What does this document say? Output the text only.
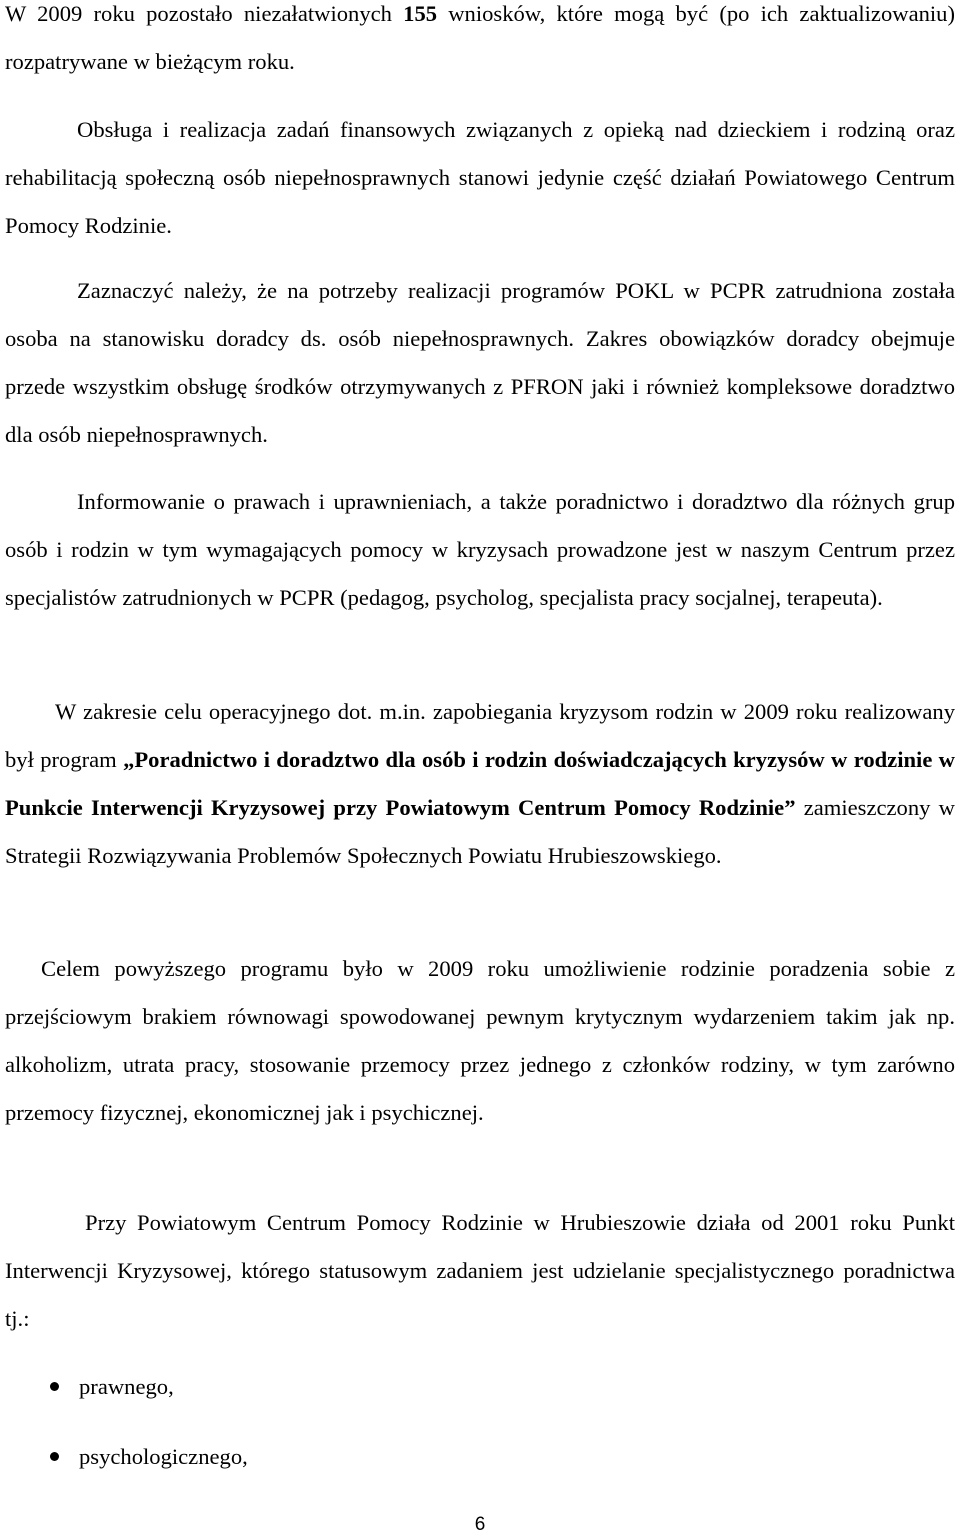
W 2009 roku pozostało niezałatwionych 155 wniosków, które mogą być (po ich zaktualizowaniu) rozpatrywane w bieżącym roku.

Obsługa i realizacja zadań finansowych związanych z opieką nad dzieckiem i rodziną oraz rehabilitacją społeczną osób niepełnosprawnych stanowi jedynie część działań Powiatowego Centrum Pomocy Rodzinie.

Zaznaczyć należy, że na potrzeby realizacji programów POKL w PCPR zatrudniona została osoba na stanowisku doradcy ds. osób niepełnosprawnych. Zakres obowiązków doradcy obejmuje przede wszystkim obsługę środków otrzymywanych z PFRON jaki i również kompleksowe doradztwo dla osób niepełnosprawnych.

Informowanie o prawach i uprawnieniach, a także poradnictwo i doradztwo dla różnych grup osób i rodzin w tym wymagających pomocy w kryzysach prowadzone jest w naszym Centrum przez specjalistów zatrudnionych w PCPR (pedagog, psycholog, specjalista pracy socjalnej, terapeuta).

W zakresie celu operacyjnego dot. m.in. zapobiegania kryzysom rodzin w 2009 roku realizowany był program „Poradnictwo i doradztwo dla osób i rodzin doświadczających kryzysów w rodzinie w Punkcie Interwencji Kryzysowej przy Powiatowym Centrum Pomocy Rodzinie” zamieszczony w Strategii Rozwiązywania Problemów Społecznych Powiatu Hrubieszowskiego.

Celem powyższego programu było w 2009 roku umożliwienie rodzinie poradzenia sobie z przejściowym brakiem równowagi spowodowanej pewnym krytycznym wydarzeniem takim jak np. alkoholizm, utrata pracy, stosowanie przemocy przez jednego z członków rodziny, w tym zarówno przemocy fizycznej, ekonomicznej jak i psychicznej.

Przy Powiatowym Centrum Pomocy Rodzinie w Hrubieszowie działa od 2001 roku Punkt Interwencji Kryzysowej, którego statusowym zadaniem jest udzielanie specjalistycznego poradnictwa tj.:

prawnego,
psychologicznego,
6
